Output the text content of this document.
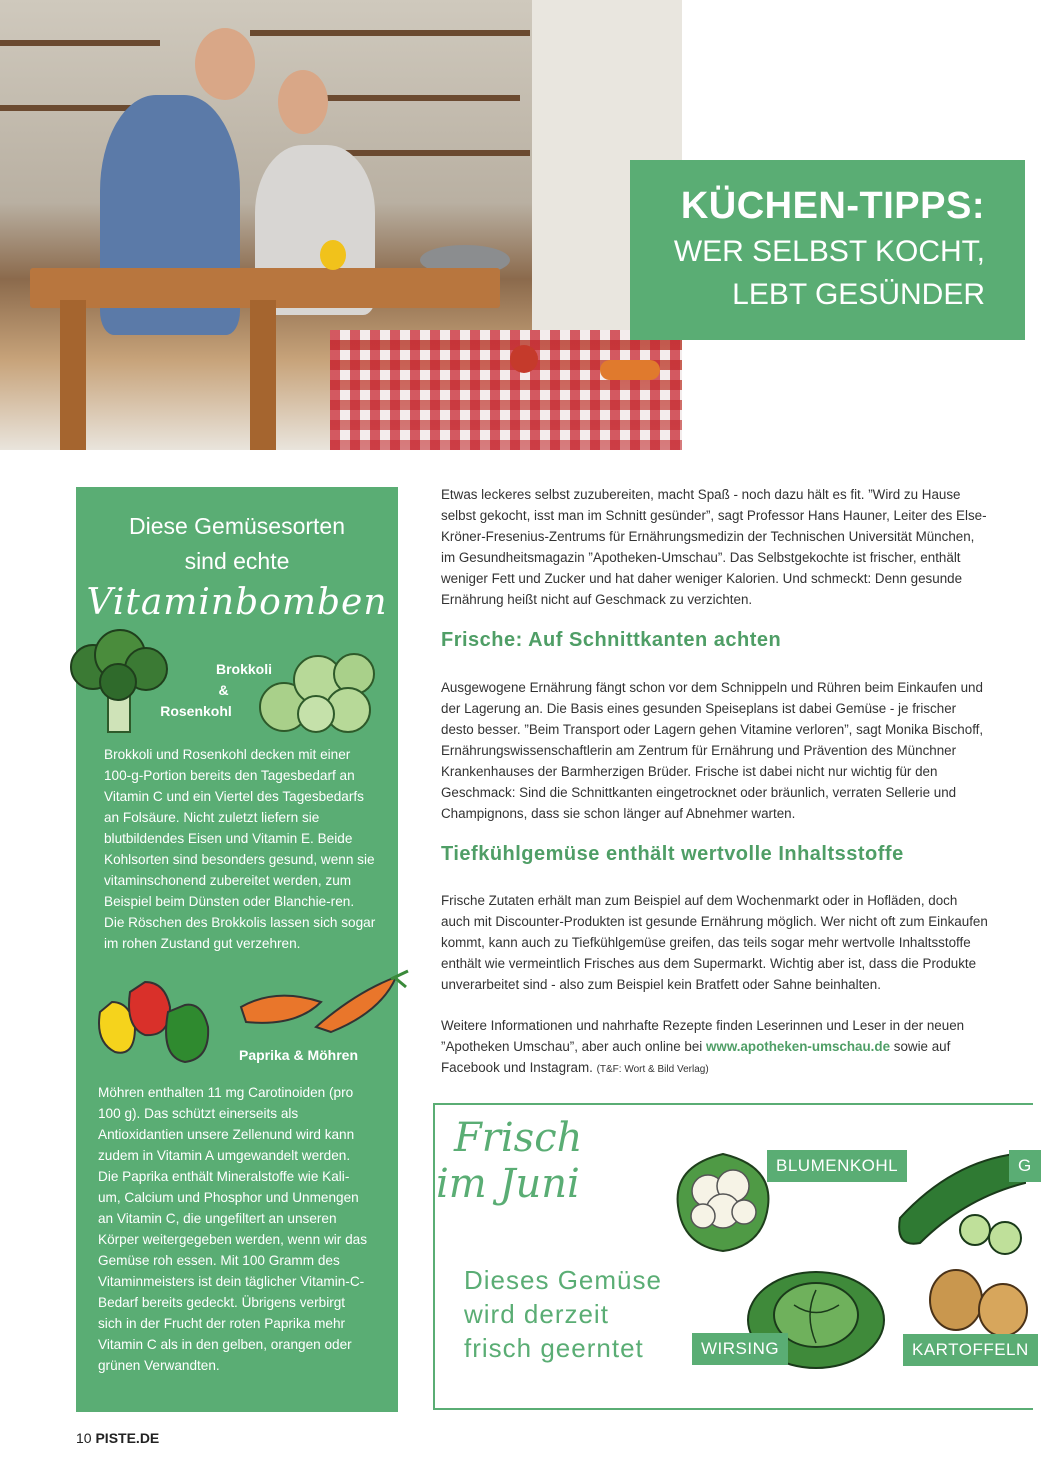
KÜCHEN-TIPPS:
WER SELBST KOCHT,
LEBT GESÜNDER
Diese Gemüsesorten
sind echte
Vitaminbomben
Brokkoli
&
Rosenkohl
Brokkoli und Rosenkohl decken mit einer 100-g-Portion bereits den Tagesbedarf an Vitamin C und ein Viertel des Tagesbedarfs an Folsäure. Nicht zuletzt liefern sie blutbildendes Eisen und Vitamin E. Beide Kohlsorten sind besonders gesund, wenn sie vitaminschonend zubereitet werden, zum Beispiel beim Dünsten oder Blanchie-ren. Die Röschen des Brokkolis lassen sich sogar im rohen Zustand gut verzehren.
Paprika & Möhren
Möhren enthalten 11 mg Carotinoiden (pro 100 g). Das schützt einerseits als Antioxidantien unsere Zellenund wird kann zudem in Vitamin A umgewandelt werden. Die Paprika enthält Mineralstoffe wie Kali-um, Calcium und Phosphor und Unmengen an Vitamin C, die ungefiltert an unseren Körper weitergegeben werden, wenn wir das Gemüse roh essen. Mit 100 Gramm des Vitaminmeisters ist dein täglicher Vitamin-C-Bedarf bereits gedeckt. Übrigens verbirgt sich in der Frucht der roten Paprika mehr Vitamin C als in den gelben, orangen oder grünen Verwandten.

Etwas leckeres selbst zuzubereiten, macht Spaß - noch dazu hält es fit. ”Wird zu Hause selbst gekocht, isst man im Schnitt gesünder”, sagt Professor Hans Hauner, Leiter des Else-Kröner-Fresenius-Zentrums für Ernährungsmedizin der Technischen Universität München, im Gesundheitsmagazin ”Apotheken-Umschau”. Das Selbstgekochte ist frischer, enthält weniger Fett und Zucker und hat daher weniger Kalorien. Und schmeckt: Denn gesunde Ernährung heißt nicht auf Geschmack zu verzichten.

Frische: Auf Schnittkanten achten

Ausgewogene Ernährung fängt schon vor dem Schnippeln und Rühren beim Einkaufen und der Lagerung an. Die Basis eines gesunden Speiseplans ist dabei Gemüse - je frischer desto besser. ”Beim Transport oder Lagern gehen Vitamine verloren”, sagt Monika Bischoff, Ernährungswissenschaftlerin am Zentrum für Ernährung und Prävention des Münchner Krankenhauses der Barmherzigen Brüder. Frische ist dabei nicht nur wichtig für den Geschmack: Sind die Schnittkanten eingetrocknet oder bräunlich, verraten Sellerie und Champignons, dass sie schon länger auf Abnehmer warten.

Tiefkühlgemüse enthält wertvolle Inhaltsstoffe

Frische Zutaten erhält man zum Beispiel auf dem Wochenmarkt oder in Hofläden, doch auch mit Discounter-Produkten ist gesunde Ernährung möglich. Wer nicht oft zum Einkaufen kommt, kann auch zu Tiefkühlgemüse greifen, das teils sogar mehr wertvolle Inhaltsstoffe enthält wie vermeintlich Frisches aus dem Supermarkt. Wichtig aber ist, dass die Produkte unverarbeitet sind - also zum Beispiel kein Bratfett oder Sahne beinhalten.

Weitere Informationen und nahrhafte Rezepte finden Leserinnen und Leser in der neuen ”Apotheken Umschau”, aber auch online bei www.apotheken-umschau.de sowie auf Facebook und Instagram. (T&F: Wort & Bild Verlag)

Frisch
im Juni
Dieses Gemüse
wird derzeit
frisch geerntet
BLUMENKOHL	G
WIRSING	KARTOFFELN
10 PISTE.DE
